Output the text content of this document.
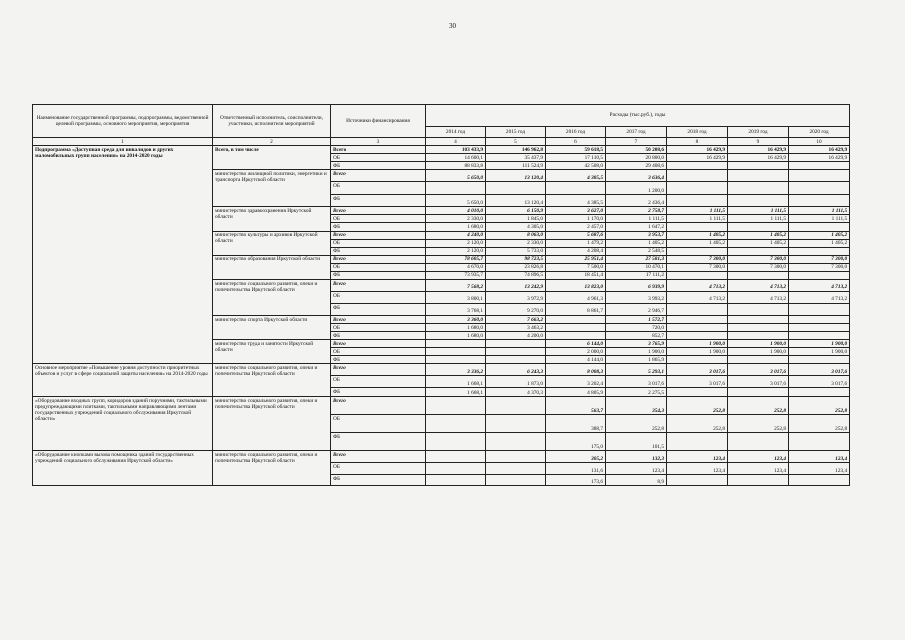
30
Наименование государственной программы, подпрограммы, ведомственной целевой программы, основного мероприятия, мероприятия	Ответственный исполнитель, соисполнители, участники, исполнители мероприятий	Источники финансирования	Расходы (тыс.руб.), годы						
			2014 год	2015 год	2016 год	2017 год	2018 год	2019 год	2020 год
1	2	3	4	5	6	7	8	9	10
Подпрограмма «Доступная среда для инвалидов и других маломобильных групп населения» на 2014-2020 годы	Всего, в том числе	Всего	103 433,9	146 962,8	59 618,5	50 208,6	16 429,9	16 429,9	16 429,9
		ОБ	14 600,1	35 437,9	17 110,5	20 800,0	16 429,9	16 429,9	16 429,9
		ФБ	88 833,8	111 524,9	42 508,0	29 408,6			
	министерство жилищной политики, энергетики и транспорта Иркутской области	Всего	5 650,0	13 120,4	4 385,5	3 636,4			
		ОБ				1 200,0			
		ФБ	5 650,0	13 120,4	4 385,5	2 436,4			
	министерство здравоохранения Иркутской области	Всего	4 010,0	6 150,9	3 627,0	2 758,7	1 111,5	1 111,5	1 111,5
		ОБ	2 330,0	1 845,0	1 170,0	1 111,5	1 111,5	1 111,5	1 111,5
		ФБ	1 680,0	4 305,0	2 457,0	1 647,2			
	министерство культуры и архивов Иркутской области	Всего	4 240,0	8 063,0	5 687,6	3 953,7	1 405,2	1 405,2	1 405,2
		ОБ	2 120,0	2 330,0	1 479,2	1 405,2	1 405,2	1 405,2	1 405,2
		ФБ	2 120,0	5 733,0	4 208,4	2 548,5			
	министерство образования Иркутской области	Всего	78 605,7	98 723,5	25 951,4	27 581,3	7 300,0	7 300,0	7 300,0
		ОБ	4 670,0	23 826,8	7 500,0	10 470,1	7 300,0	7 300,0	7 300,0
		ФБ	73 935,7	74 896,5	18 451,4	17 111,2			
	министерство социального развития, опеки и попечительства Иркутской области	Всего	7 568,2	13 242,9	13 823,0	6 939,9	4 713,2	4 713,2	4 713,2
		ОБ	3 800,1	3 972,9	4 961,3	3 993,2	4 713,2	4 713,2	4 713,2
		ФБ	3 768,1	9 270,0	8 861,7	2 946,7			
	министерство спорта Иркутской области	Всего	3 360,0	7 663,2		1 572,7			
		ОБ	1 680,0	3 463,2		720,0			
		ФБ	1 680,0	4 200,0		852,7			
	министерство труда и занятости Иркутской области	Всего			6 144,0	3 765,9	1 900,0	1 900,0	1 900,0
		ОБ			2 000,0	1 900,0	1 900,0	1 900,0	1 900,0
		ФБ			4 144,0	1 865,9			
Основное мероприятие «Повышение уровня доступности приоритетных объектов и услуг в сфере социальной защиты населения» на 2014-2020 годы	министерство социального развития, опеки и попечительства Иркутской области	Всего	3 336,2	6 243,3	8 008,3	5 293,1	3 017,6	3 017,6	3 017,6
		ОБ	1 668,1	1 873,0	3 202,4	3 017,6	3 017,6	3 017,6	3 017,6
		ФБ	1 668,1	4 370,3	4 805,9	2 275,5			
«Оборудование входных групп, коридоров зданий поручнями, тактильными предупреждающими плитками, тактильными направляющими лентами государственных учреждений социального обслуживания Иркутской области»	министерство социального развития, опеки и попечительства Иркутской области	Всего			563,7	354,3	252,8	252,8	252,8
		ОБ			388,7	252,8	252,8	252,8	252,8
		ФБ			175,0	101,5			
«Оборудование кнопками вызова помощника зданий государственных учреждений социального обслуживания Иркутской области»	министерство социального развития, опеки и попечительства Иркутской области	Всего			305,2	132,3	123,4	123,4	123,4
		ОБ			131,6	123,4	123,4	123,4	123,4
		ФБ			173,6	8,9			
